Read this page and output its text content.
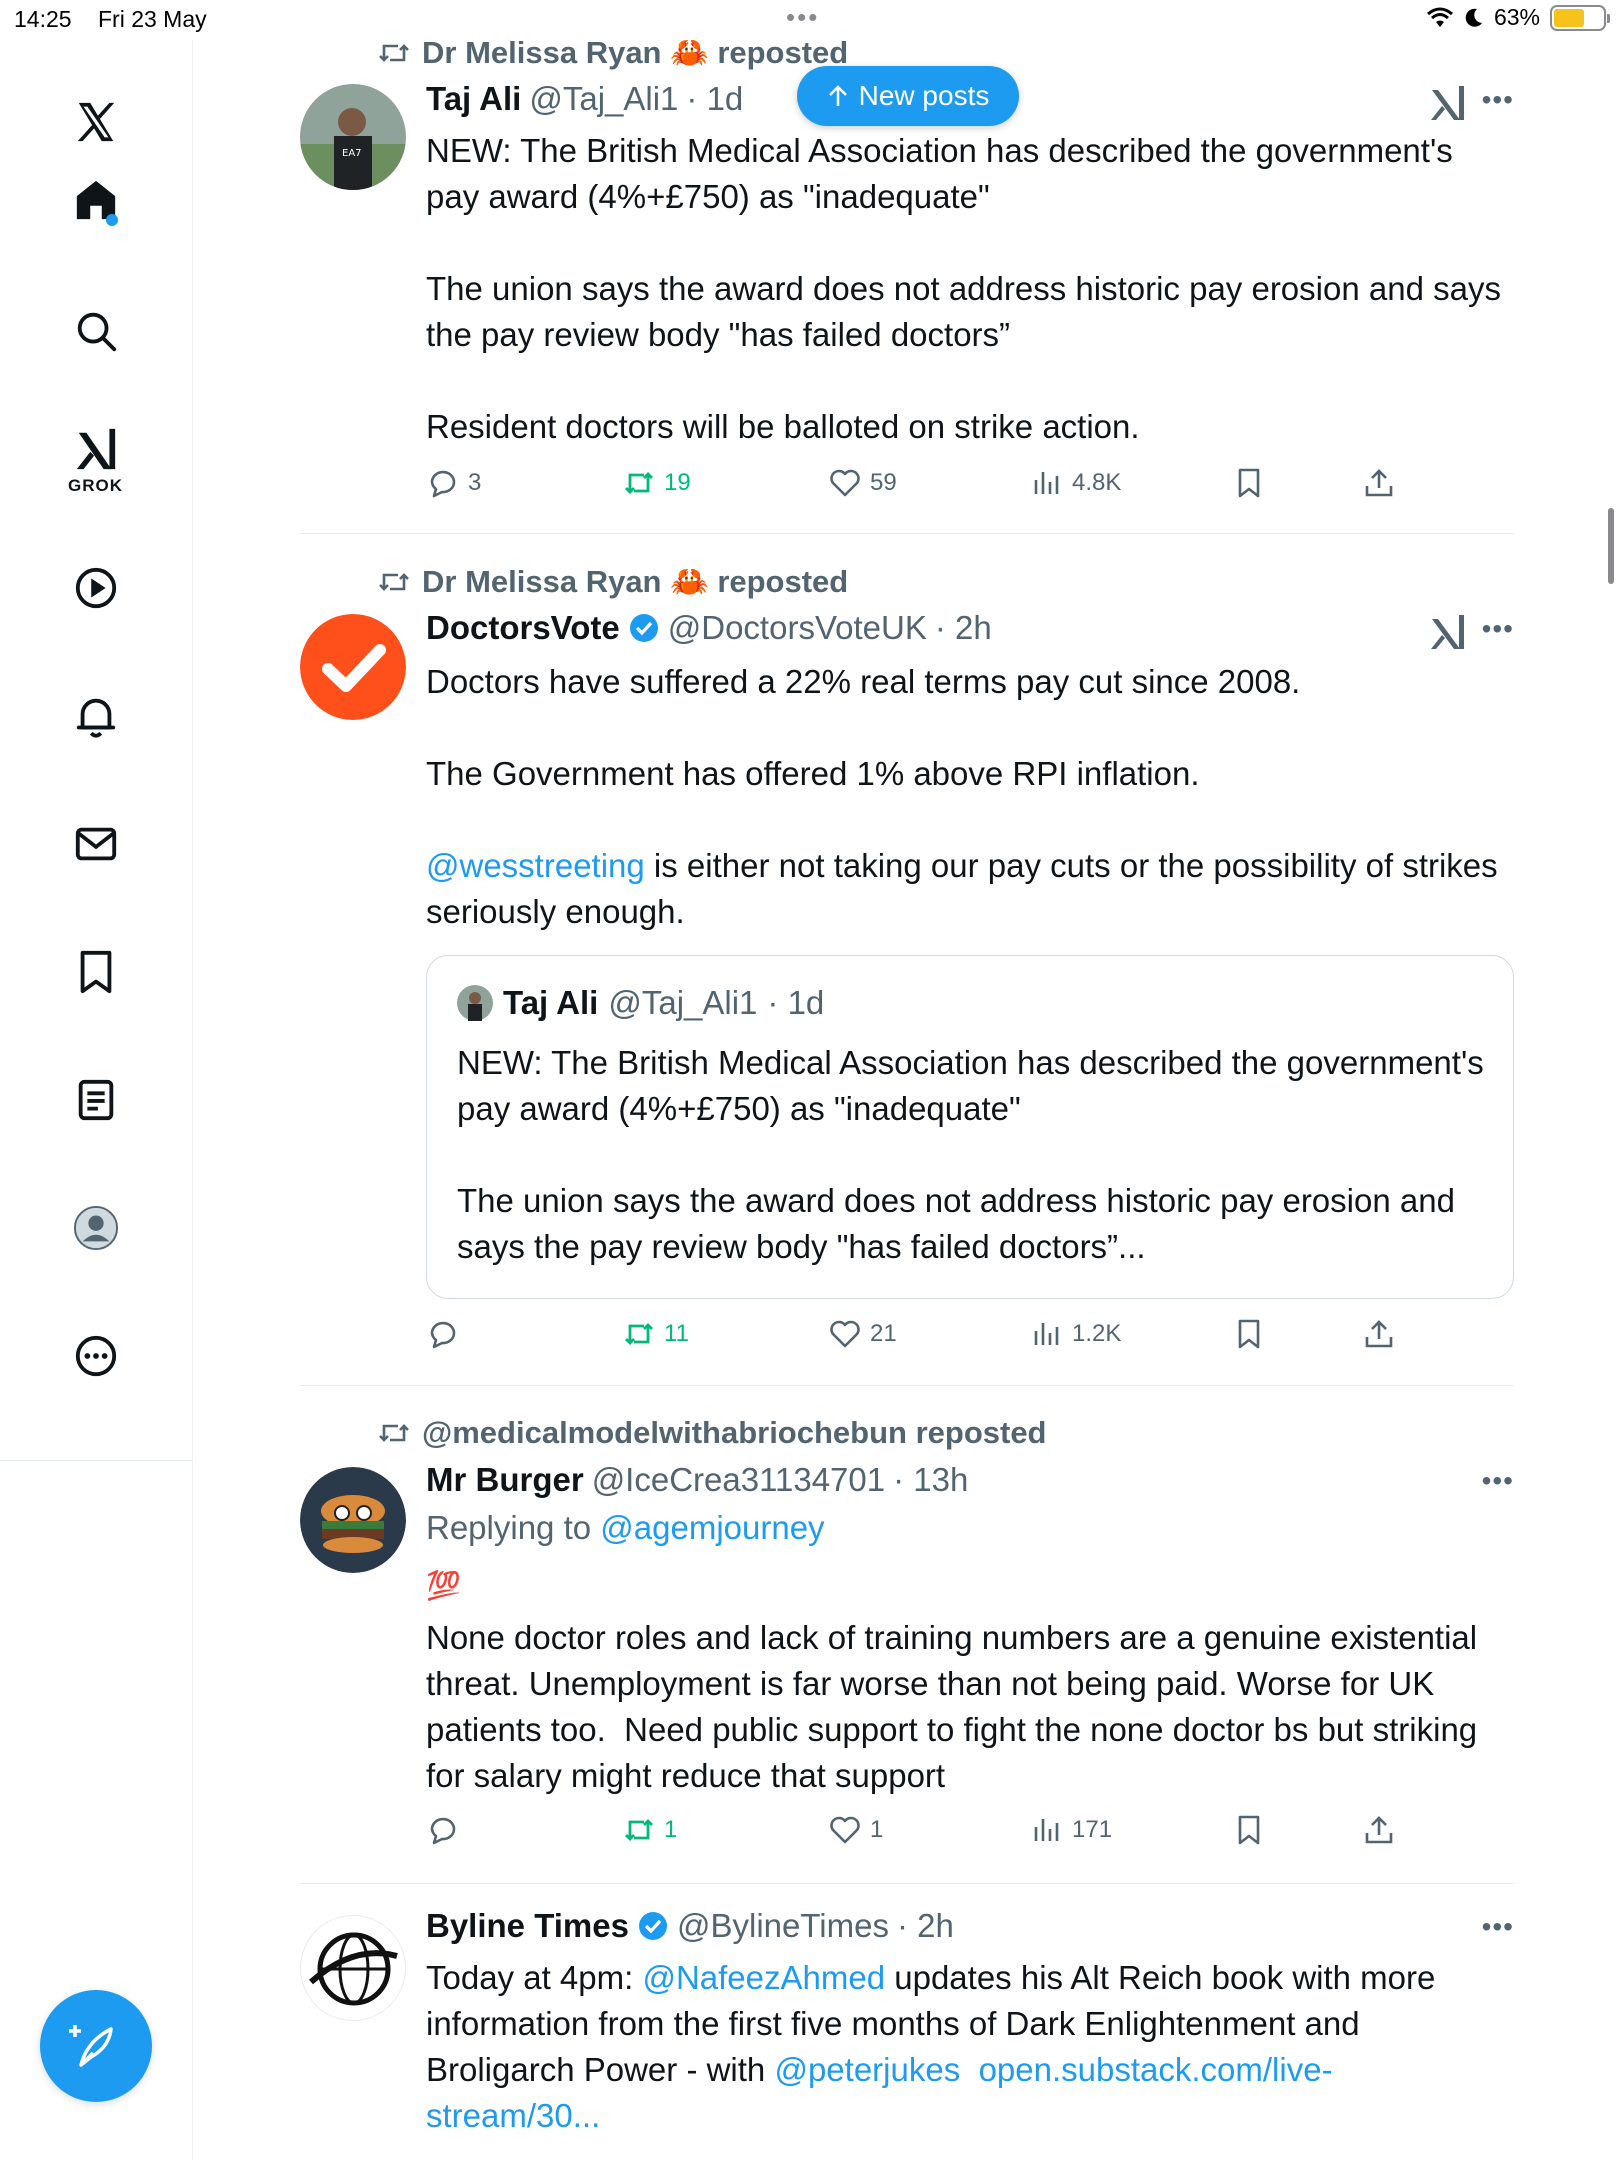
14:25 Fri 23 May	•••	63%
GROK
New posts
Dr Melissa Ryan 🦀 reposted
EA7
Taj Ali @Taj_Ali1 · 1d	•••
NEW: The British Medical Association has described the government's pay award (4%+£750) as "inadequate"

The union says the award does not address historic pay erosion and says the pay review body "has failed doctors”

Resident doctors will be balloted on strike action.
3	19	59	4.8K
Dr Melissa Ryan 🦀 reposted
DoctorsVote @DoctorsVoteUK · 2h	•••
Doctors have suffered a 22% real terms pay cut since 2008.

The Government has offered 1% above RPI inflation.

@wesstreeting is either not taking our pay cuts or the possibility of strikes seriously enough.
Taj Ali @Taj_Ali1 · 1d
NEW: The British Medical Association has described the government's pay award (4%+£750) as "inadequate"

The union says the award does not address historic pay erosion and says the pay review body "has failed doctors”...
11	21	1.2K
@medicalmodelwithabriochebun reposted
Mr Burger @IceCrea31134701 · 13h	•••
Replying to @agemjourney
💯
None doctor roles and lack of training numbers are a genuine existential threat. Unemployment is far worse than not being paid. Worse for UK patients too.  Need public support to fight the none doctor bs but striking for salary might reduce that support
1	1	171
Byline Times @BylineTimes · 2h	•••
Today at 4pm: @NafeezAhmed updates his Alt Reich book with more information from the first five months of Dark Enlightenment and Broligarch Power - with @peterjukes open.substack.com/live-stream/30...
